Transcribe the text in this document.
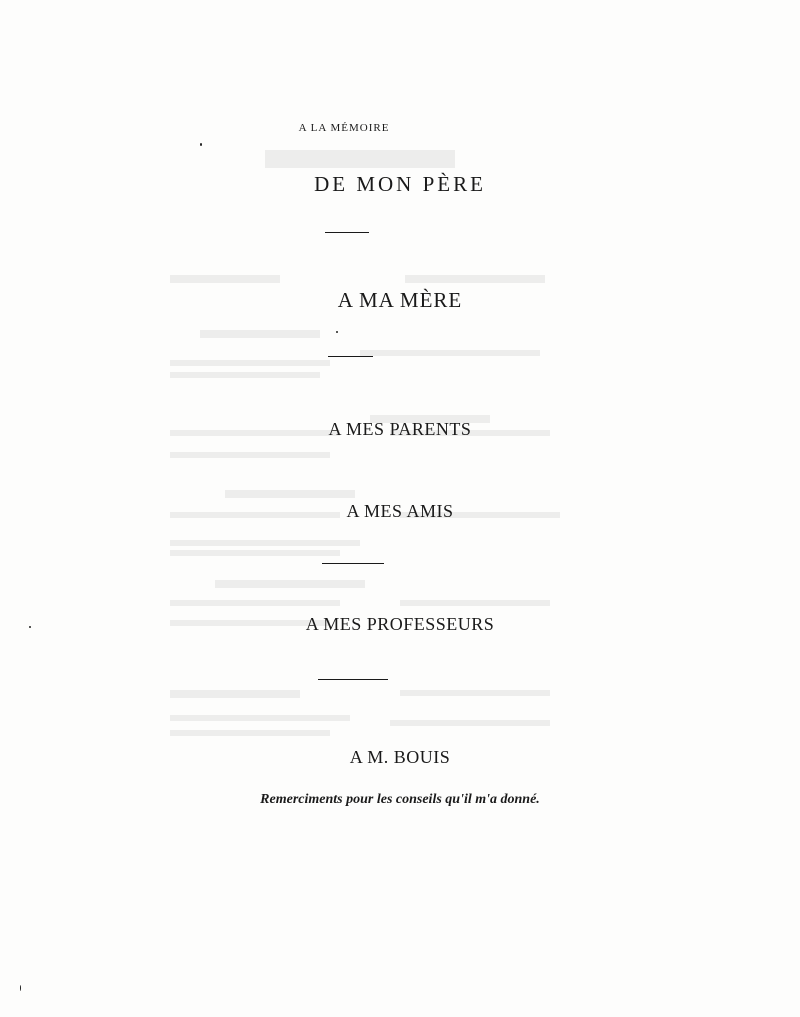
A LA MÉMOIRE
DE MON PÈRE
A MA MÈRE
A MES PARENTS
A MES AMIS
A MES PROFESSEURS
A M. BOUIS
Remerciments pour les conseils qu'il m'a donné.
